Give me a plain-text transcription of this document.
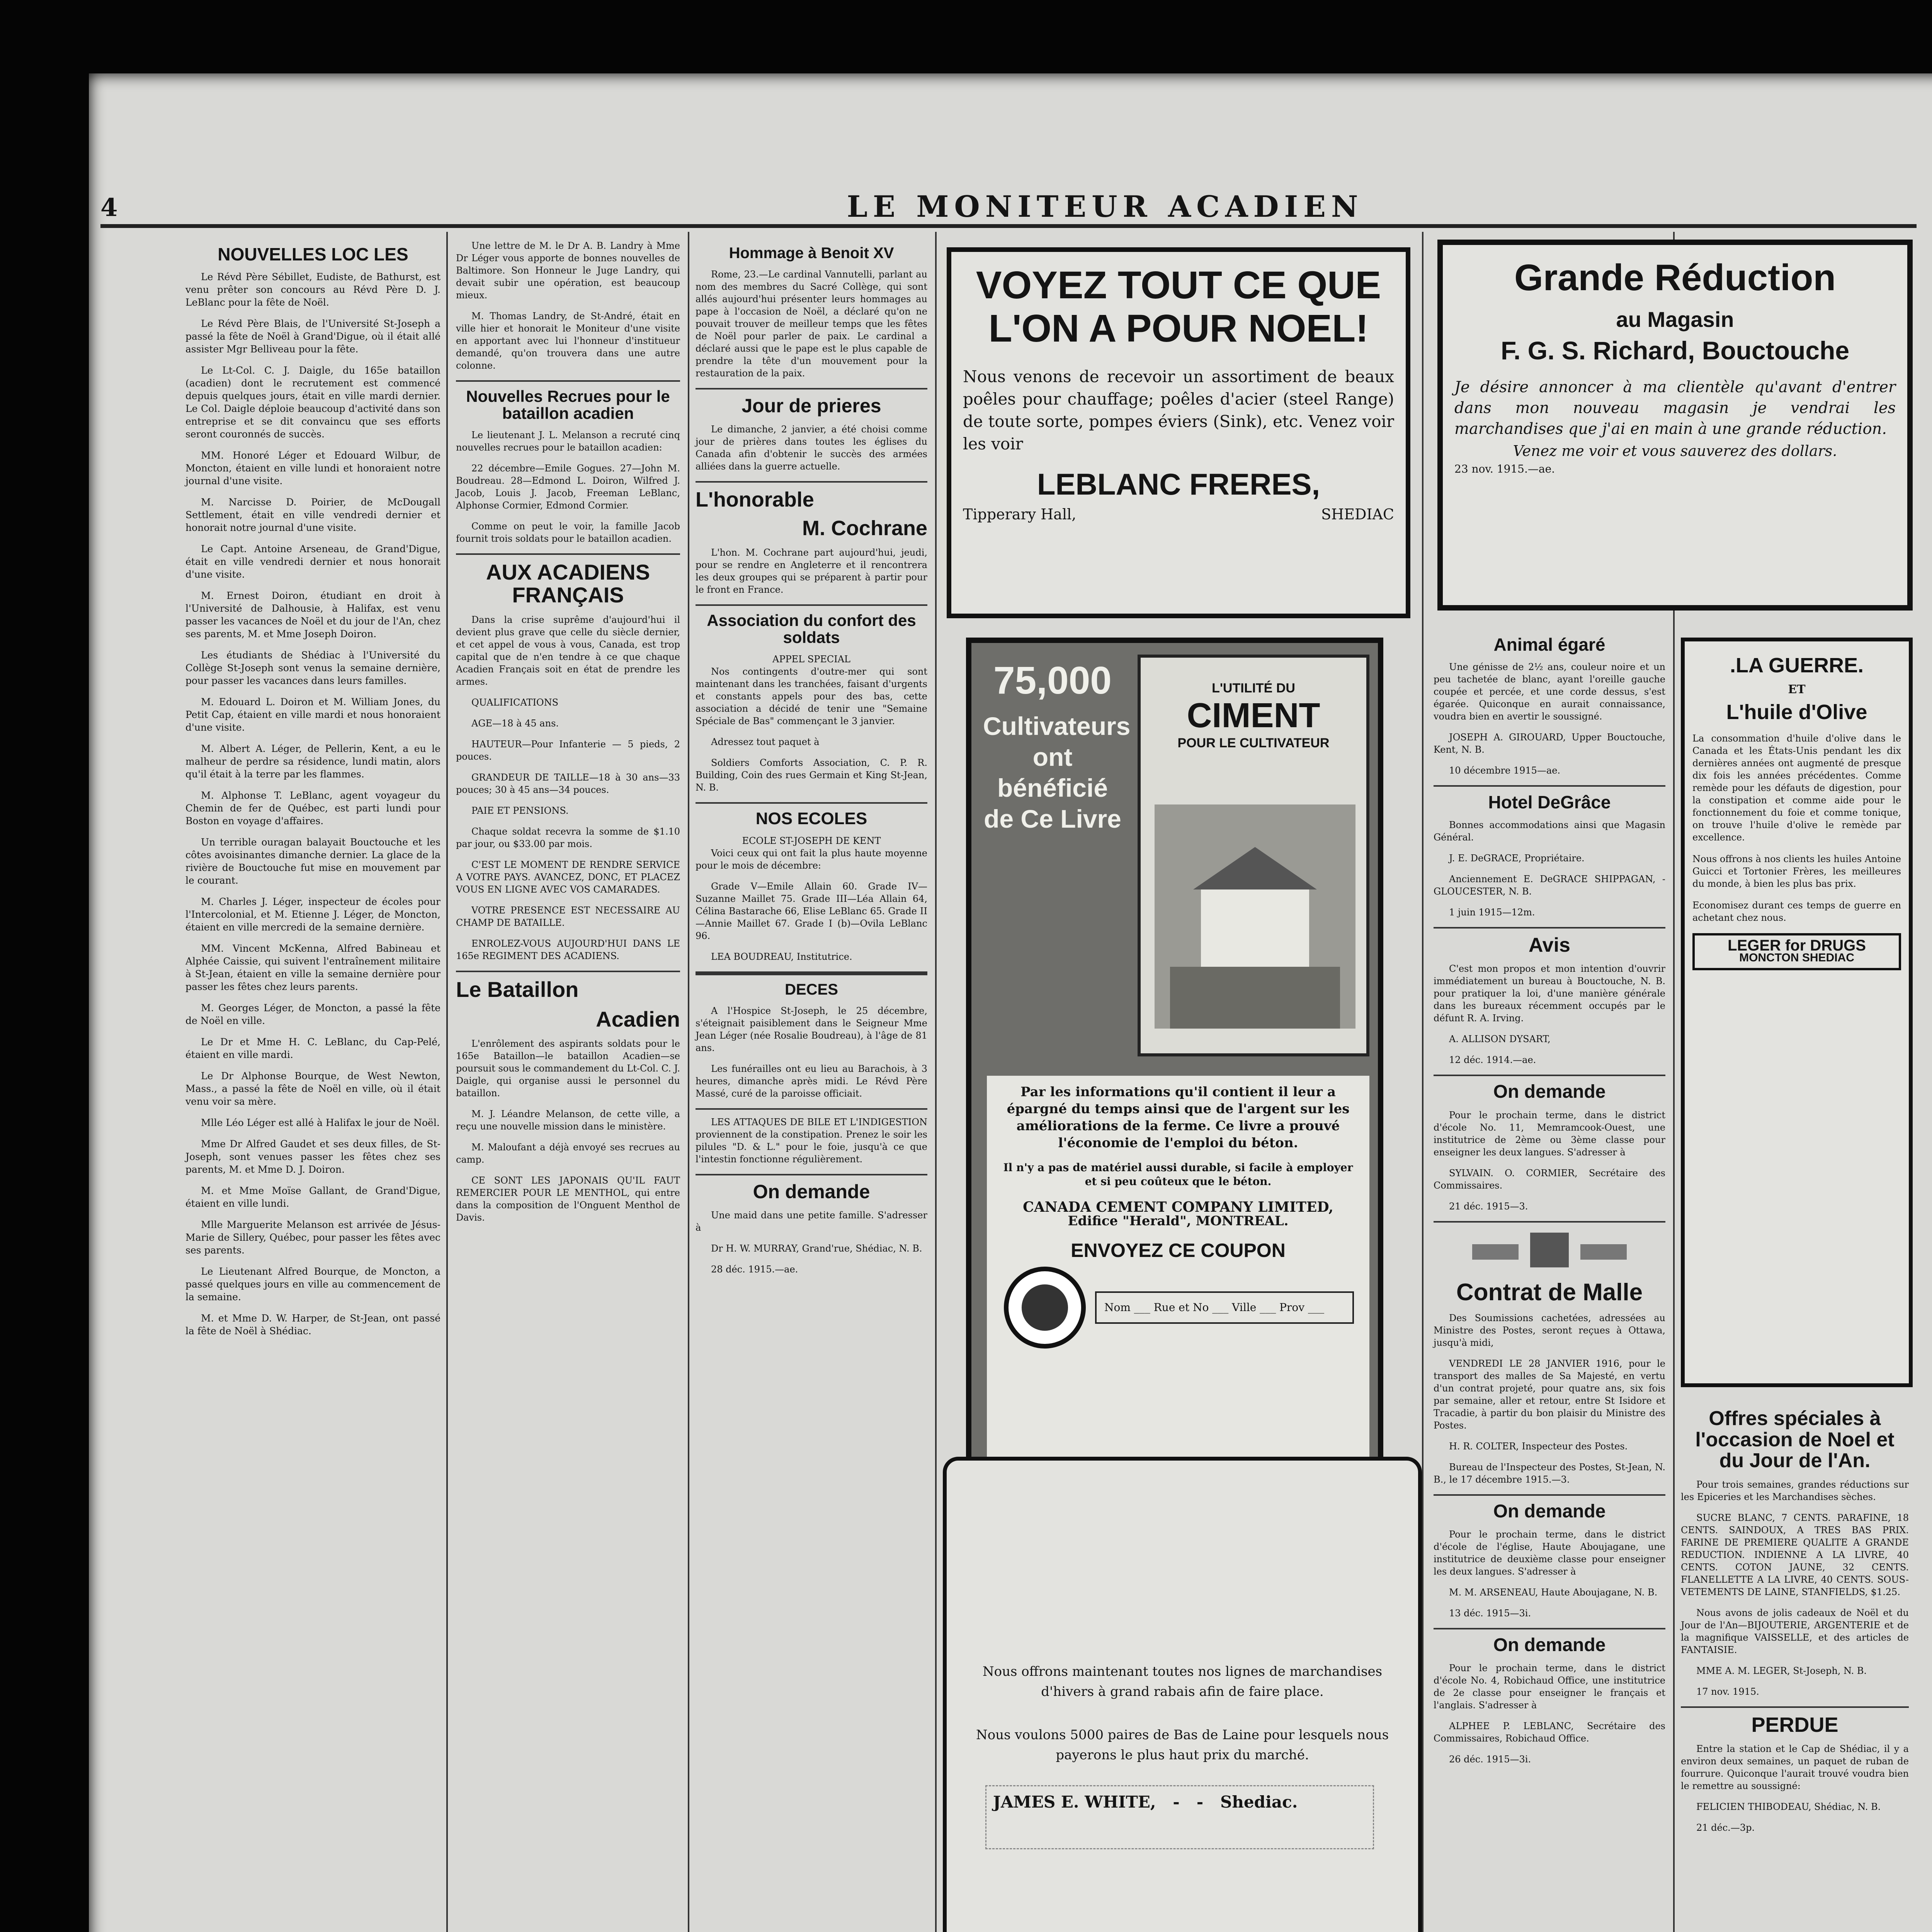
4	LE MONITEUR ACADIEN
NOUVELLES LOC LES

Le Révd Père Sébillet, Eudiste, de Bathurst, est venu prêter son concours au Révd Père D. J. LeBlanc pour la fête de Noël.

Le Révd Père Blais, de l'Université St-Joseph a passé la fête de Noël à Grand'Digue, où il était allé assister Mgr Belliveau pour la fête.

Le Lt-Col. C. J. Daigle, du 165e bataillon (acadien) dont le recrutement est commencé depuis quelques jours, était en ville mardi dernier. Le Col. Daigle déploie beaucoup d'activité dans son entreprise et se dit convaincu que ses efforts seront couronnés de succès.

MM. Honoré Léger et Edouard Wilbur, de Moncton, étaient en ville lundi et honoraient notre journal d'une visite.

M. Narcisse D. Poirier, de McDougall Settlement, était en ville vendredi dernier et honorait notre journal d'une visite.

Le Capt. Antoine Arseneau, de Grand'Digue, était en ville vendredi dernier et nous honorait d'une visite.

M. Ernest Doiron, étudiant en droit à l'Université de Dalhousie, à Halifax, est venu passer les vacances de Noël et du jour de l'An, chez ses parents, M. et Mme Joseph Doiron.

Les étudiants de Shédiac à l'Université du Collège St-Joseph sont venus la semaine dernière, pour passer les vacances dans leurs familles.

M. Edouard L. Doiron et M. William Jones, du Petit Cap, étaient en ville mardi et nous honoraient d'une visite.

M. Albert A. Léger, de Pellerin, Kent, a eu le malheur de perdre sa résidence, lundi matin, alors qu'il était à la terre par les flammes.

M. Alphonse T. LeBlanc, agent voyageur du Chemin de fer de Québec, est parti lundi pour Boston en voyage d'affaires.

Un terrible ouragan balayait Bouctouche et les côtes avoisinantes dimanche dernier. La glace de la rivière de Bouctouche fut mise en mouvement par le courant.

M. Charles J. Léger, inspecteur de écoles pour l'Intercolonial, et M. Etienne J. Léger, de Moncton, étaient en ville mercredi de la semaine dernière.

MM. Vincent McKenna, Alfred Babineau et Alphée Caissie, qui suivent l'entraînement militaire à St-Jean, étaient en ville la semaine dernière pour passer les fêtes chez leurs parents.

M. Georges Léger, de Moncton, a passé la fête de Noël en ville.

Le Dr et Mme H. C. LeBlanc, du Cap-Pelé, étaient en ville mardi.

Le Dr Alphonse Bourque, de West Newton, Mass., a passé la fête de Noël en ville, où il était venu voir sa mère.

Mlle Léo Léger est allé à Halifax le jour de Noël.

Mme Dr Alfred Gaudet et ses deux filles, de St-Joseph, sont venues passer les fêtes chez ses parents, M. et Mme D. J. Doiron.

M. et Mme Moïse Gallant, de Grand'Digue, étaient en ville lundi.

Mlle Marguerite Melanson est arrivée de Jésus-Marie de Sillery, Québec, pour passer les fêtes avec ses parents.

Le Lieutenant Alfred Bourque, de Moncton, a passé quelques jours en ville au commencement de la semaine.

M. et Mme D. W. Harper, de St-Jean, ont passé la fête de Noël à Shédiac.

Une lettre de M. le Dr A. B. Landry à Mme Dr Léger vous apporte de bonnes nouvelles de Baltimore. Son Honneur le Juge Landry, qui devait subir une opération, est beaucoup mieux.

M. Thomas Landry, de St-André, était en ville hier et honorait le Moniteur d'une visite en apportant avec lui l'honneur d'institueur demandé, qu'on trouvera dans une autre colonne.

Nouvelles Recrues pour le bataillon acadien

Le lieutenant J. L. Melanson a recruté cinq nouvelles recrues pour le bataillon acadien:

22 décembre—Emile Gogues. 27—John M. Boudreau. 28—Edmond L. Doiron, Wilfred J. Jacob, Louis J. Jacob, Freeman LeBlanc, Alphonse Cormier, Edmond Cormier.

Comme on peut le voir, la famille Jacob fournit trois soldats pour le bataillon acadien.

AUX ACADIENS FRANÇAIS

Dans la crise suprême d'aujourd'hui il devient plus grave que celle du siècle dernier, et cet appel de vous à vous, Canada, est trop capital que de n'en tendre à ce que chaque Acadien Français soit en état de prendre les armes.

QUALIFICATIONS

AGE—18 à 45 ans.

HAUTEUR—Pour Infanterie — 5 pieds, 2 pouces.

GRANDEUR DE TAILLE—18 à 30 ans—33 pouces; 30 à 45 ans—34 pouces.

PAIE ET PENSIONS.

Chaque soldat recevra la somme de $1.10 par jour, ou $33.00 par mois.

C'EST LE MOMENT DE RENDRE SERVICE A VOTRE PAYS. AVANCEZ, DONC, ET PLACEZ VOUS EN LIGNE AVEC VOS CAMARADES.

VOTRE PRESENCE EST NECESSAIRE AU CHAMP DE BATAILLE.

ENROLEZ-VOUS AUJOURD'HUI DANS LE 165e REGIMENT DES ACADIENS.

Le Bataillon
Acadien

L'enrôlement des aspirants soldats pour le 165e Bataillon—le bataillon Acadien—se poursuit sous le commandement du Lt-Col. C. J. Daigle, qui organise aussi le personnel du bataillon.

M. J. Léandre Melanson, de cette ville, a reçu une nouvelle mission dans le ministère.

M. Maloufant a déjà envoyé ses recrues au camp.

CE SONT LES JAPONAIS QU'IL FAUT REMERCIER POUR LE MENTHOL, qui entre dans la composition de l'Onguent Menthol de Davis.

Hommage à Benoit XV

Rome, 23.—Le cardinal Vannutelli, parlant au nom des membres du Sacré Collège, qui sont allés aujourd'hui présenter leurs hommages au pape à l'occasion de Noël, a déclaré qu'on ne pouvait trouver de meilleur temps que les fêtes de Noël pour parler de paix. Le cardinal a déclaré aussi que le pape est le plus capable de prendre la tête d'un mouvement pour la restauration de la paix.

Jour de prieres

Le dimanche, 2 janvier, a été choisi comme jour de prières dans toutes les églises du Canada afin d'obtenir le succès des armées alliées dans la guerre actuelle.

L'honorable
M. Cochrane

L'hon. M. Cochrane part aujourd'hui, jeudi, pour se rendre en Angleterre et il rencontrera les deux groupes qui se préparent à partir pour le front en France.

Association du confort des soldats
APPEL SPECIAL

Nos contingents d'outre-mer qui sont maintenant dans les tranchées, faisant d'urgents et constants appels pour des bas, cette association a décidé de tenir une "Semaine Spéciale de Bas" commençant le 3 janvier.

Adressez tout paquet à

Soldiers Comforts Association, C. P. R. Building, Coin des rues Germain et King St-Jean, N. B.

NOS ECOLES
ECOLE ST-JOSEPH DE KENT

Voici ceux qui ont fait la plus haute moyenne pour le mois de décembre:

Grade V—Emile Allain 60. Grade IV—Suzanne Maillet 75. Grade III—Léa Allain 64, Célina Bastarache 66, Elise LeBlanc 65. Grade II—Annie Maillet 67. Grade I (b)—Ovila LeBlanc 96.

LEA BOUDREAU, Institutrice.

DECES

A l'Hospice St-Joseph, le 25 décembre, s'éteignait paisiblement dans le Seigneur Mme Jean Léger (née Rosalie Boudreau), à l'âge de 81 ans.

Les funérailles ont eu lieu au Barachois, à 3 heures, dimanche après midi. Le Révd Père Massé, curé de la paroisse officiait.

LES ATTAQUES DE BILE ET L'INDIGESTION proviennent de la constipation. Prenez le soir les pilules "D. & L." pour le foie, jusqu'à ce que l'intestin fonctionne régulièrement.

On demande

Une maid dans une petite famille. S'adresser à

Dr H. W. MURRAY, Grand'rue, Shédiac, N. B.

28 déc. 1915.—ae.

VOYEZ TOUT CE QUE
L'ON A POUR NOEL!
Nous venons de recevoir un assortiment de beaux poêles pour chauffage; poêles d'acier (steel Range) de toute sorte, pompes éviers (Sink), etc. Venez voir les voir
LEBLANC FRERES,
Tipperary Hall,	SHEDIAC
75,000
Cultivateurs ont bénéficié de Ce Livre
L'UTILITÉ DU
CIMENT
POUR LE CULTIVATEUR
Par les informations qu'il contient il leur a épargné du temps ainsi que de l'argent sur les améliorations de la ferme. Ce livre a prouvé l'économie de l'emploi du béton.
Il n'y a pas de matériel aussi durable, si facile à employer et si peu coûteux que le béton.
CANADA CEMENT COMPANY LIMITED,
Edifice "Herald", MONTREAL.
ENVOYEZ CE COUPON
Nom ___ Rue et No ___ Ville ___ Prov ___
Nous offrons maintenant toutes nos lignes de marchandises d'hivers à grand rabais afin de faire place.
Nous voulons 5000 paires de Bas de Laine pour lesquels nous payerons le plus haut prix du marché.
JAMES E. WHITE,   -   -   Shediac.

Grande Réduction
au Magasin
F. G. S. Richard, Bouctouche
Je désire annoncer à ma clientèle qu'avant d'entrer dans mon nouveau magasin je vendrai les marchandises que j'ai en main à une grande réduction.
Venez me voir et vous sauverez des dollars.
23 nov. 1915.—ae.
Animal égaré

Une génisse de 2½ ans, couleur noire et un peu tachetée de blanc, ayant l'oreille gauche coupée et percée, et une corde dessus, s'est égarée. Quiconque en aurait connaissance, voudra bien en avertir le soussigné.

JOSEPH A. GIROUARD, Upper Bouctouche, Kent, N. B.

10 décembre 1915—ae.

Hotel DeGrâce

Bonnes accommodations ainsi que Magasin Général.

J. E. DeGRACE, Propriétaire.

Anciennement E. DeGRACE SHIPPAGAN, - GLOUCESTER, N. B.

1 juin 1915—12m.

Avis

C'est mon propos et mon intention d'ouvrir immédiatement un bureau à Bouctouche, N. B. pour pratiquer la loi, d'une manière générale dans les bureaux récemment occupés par le défunt R. A. Irving.

A. ALLISON DYSART,

12 déc. 1914.—ae.

On demande

Pour le prochain terme, dans le district d'école No. 11, Memramcook-Ouest, une institutrice de 2ème ou 3ème classe pour enseigner les deux langues. S'adresser à

SYLVAIN. O. CORMIER, Secrétaire des Commissaires.

21 déc. 1915—3.

Contrat de Malle

Des Soumissions cachetées, adressées au Ministre des Postes, seront reçues à Ottawa, jusqu'à midi,

VENDREDI LE 28 JANVIER 1916, pour le transport des malles de Sa Majesté, en vertu d'un contrat projeté, pour quatre ans, six fois par semaine, aller et retour, entre St Isidore et Tracadie, à partir du bon plaisir du Ministre des Postes.

H. R. COLTER, Inspecteur des Postes.

Bureau de l'Inspecteur des Postes, St-Jean, N. B., le 17 décembre 1915.—3.

On demande

Pour le prochain terme, dans le district d'école de l'église, Haute Aboujagane, une institutrice de deuxième classe pour enseigner les deux langues. S'adresser à

M. M. ARSENEAU, Haute Aboujagane, N. B.

13 déc. 1915—3i.

On demande

Pour le prochain terme, dans le district d'école No. 4, Robichaud Office, une institutrice de 2e classe pour enseigner le français et l'anglais. S'adresser à

ALPHEE P. LEBLANC, Secrétaire des Commissaires, Robichaud Office.

26 déc. 1915—3i.

.LA GUERRE.
ET
L'huile d'Olive

La consommation d'huile d'olive dans le Canada et les États-Unis pendant les dix dernières années ont augmenté de presque dix fois les années précédentes. Comme remède pour les défauts de digestion, pour la constipation et comme aide pour le fonctionnement du foie et comme tonique, on trouve l'huile d'olive le remède par excellence.

Nous offrons à nos clients les huiles Antoine Guicci et Tortonier Frères, les meilleures du monde, à bien les plus bas prix.

Economisez durant ces temps de guerre en achetant chez nous.

LEGER for DRUGS
MONCTON SHEDIAC
Offres spéciales à l'occasion de Noel et du Jour de l'An.

Pour trois semaines, grandes réductions sur les Epiceries et les Marchandises sèches.

SUCRE BLANC, 7 CENTS. PARAFINE, 18 CENTS. SAINDOUX, A TRES BAS PRIX. FARINE DE PREMIERE QUALITE A GRANDE REDUCTION. INDIENNE A LA LIVRE, 40 CENTS. COTON JAUNE, 32 CENTS. FLANELLETTE A LA LIVRE, 40 CENTS. SOUS-VETEMENTS DE LAINE, STANFIELDS, $1.25.

Nous avons de jolis cadeaux de Noël et du Jour de l'An—BIJOUTERIE, ARGENTERIE et de la magnifique VAISSELLE, et des articles de FANTAISIE.

MME A. M. LEGER, St-Joseph, N. B.

17 nov. 1915.

PERDUE

Entre la station et le Cap de Shédiac, il y a environ deux semaines, un paquet de ruban de fourrure. Quiconque l'aurait trouvé voudra bien le remettre au soussigné:

FELICIEN THIBODEAU, Shédiac, N. B.

21 déc.—3p.
